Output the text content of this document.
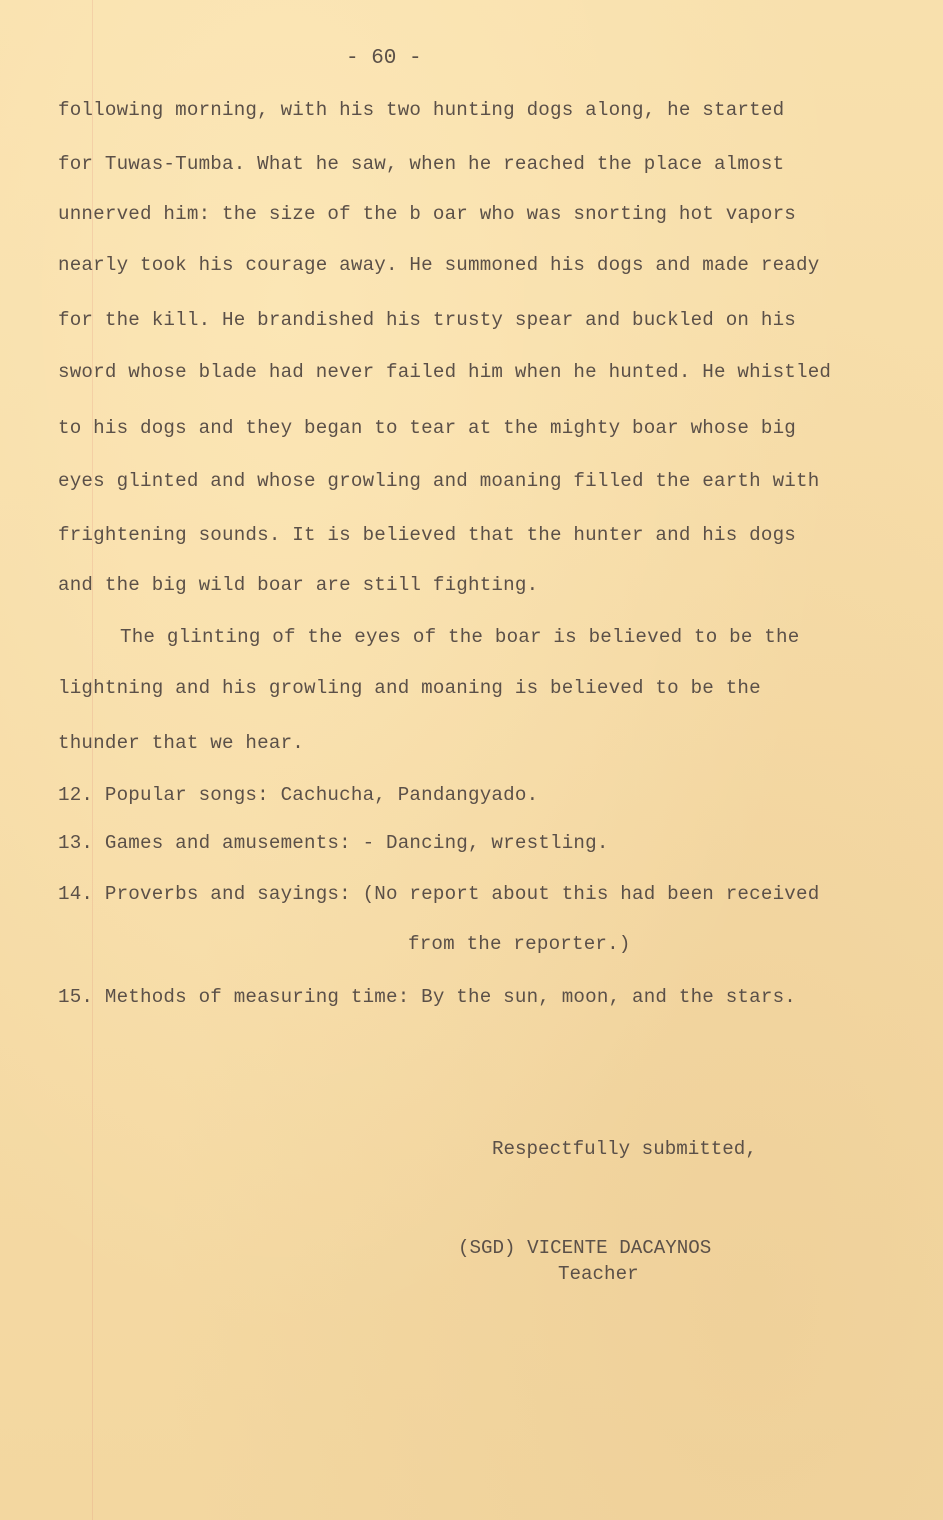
- 60 -
following morning, with his two hunting dogs along, he started
for Tuwas-Tumba. What he saw, when he reached the place almost
unnerved him: the size of the b oar who was snorting hot vapors
nearly took his courage away. He summoned his dogs and made ready
for the kill. He brandished his trusty spear and buckled on his
sword whose blade had never failed him when he hunted. He whistled
to his dogs and they began to tear at the mighty boar whose big
eyes glinted and whose growling and moaning filled the earth with
frightening sounds. It is believed that the hunter and his dogs
and the big wild boar are still fighting.
The glinting of the eyes of the boar is believed to be the
lightning and his growling and moaning is believed to be the
thunder that we hear.
12. Popular songs: Cachucha, Pandangyado.
13. Games and amusements: - Dancing, wrestling.
14. Proverbs and sayings: (No report about this had been received
from the reporter.)
15. Methods of measuring time: By the sun, moon, and the stars.
Respectfully submitted,
(SGD) VICENTE DACAYNOS
Teacher
